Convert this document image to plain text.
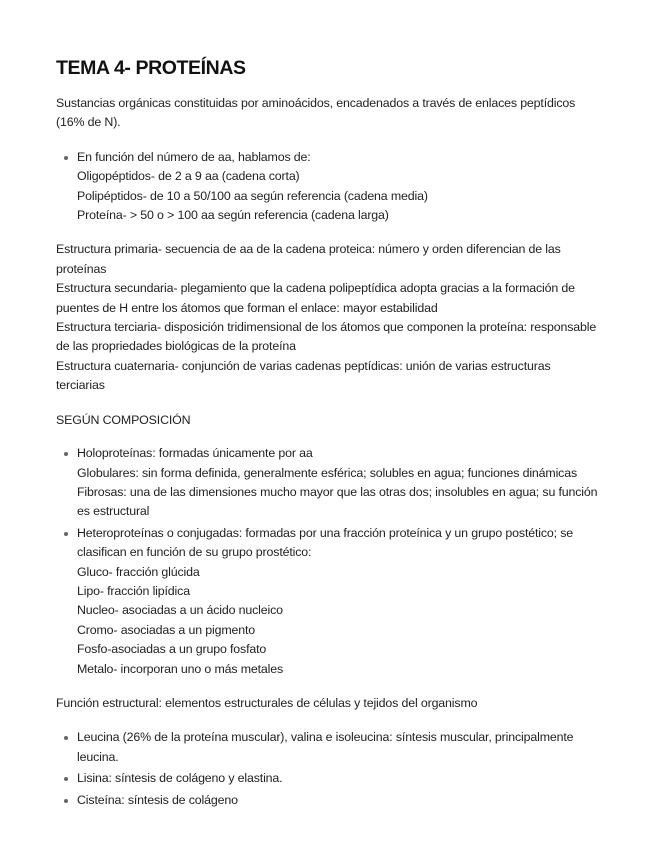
TEMA 4- PROTEÍNAS

Sustancias orgánicas constituidas por aminoácidos, encadenados a través de enlaces peptídicos (16% de N).

En función del número de aa, hablamos de:
Oligopéptidos- de 2 a 9 aa (cadena corta)
Polipéptidos- de 10 a 50/100 aa según referencia (cadena media)
Proteína- > 50 o > 100 aa según referencia (cadena larga)
Estructura primaria- secuencia de aa de la cadena proteica: número y orden diferencian de las proteínas
Estructura secundaria- plegamiento que la cadena polipeptídica adopta gracias a la formación de puentes de H entre los átomos que forman el enlace: mayor estabilidad
Estructura terciaria- disposición tridimensional de los átomos que componen la proteína: responsable de las propriedades biológicas de la proteína
Estructura cuaternaria- conjunción de varias cadenas peptídicas: unión de varias estructuras terciarias

SEGÚN COMPOSICIÓN

Holoproteínas: formadas únicamente por aa
Globulares: sin forma definida, generalmente esférica; solubles en agua; funciones dinámicas
Fibrosas: una de las dimensiones mucho mayor que las otras dos; insolubles en agua; su función es estructural
Heteroproteínas o conjugadas: formadas por una fracción proteínica y un grupo postético; se clasifican en función de su grupo prostético:
Gluco- fracción glúcida
Lipo- fracción lipídica
Nucleo- asociadas a un ácido nucleico
Cromo- asociadas a un pigmento
Fosfo-asociadas a un grupo fosfato
Metalo- incorporan uno o más metales

Función estructural: elementos estructurales de células y tejidos del organismo

Leucina (26% de la proteína muscular), valina e isoleucina: síntesis muscular, principalmente leucina.
Lisina: síntesis de colágeno y elastina.
Cisteína: síntesis de colágeno
